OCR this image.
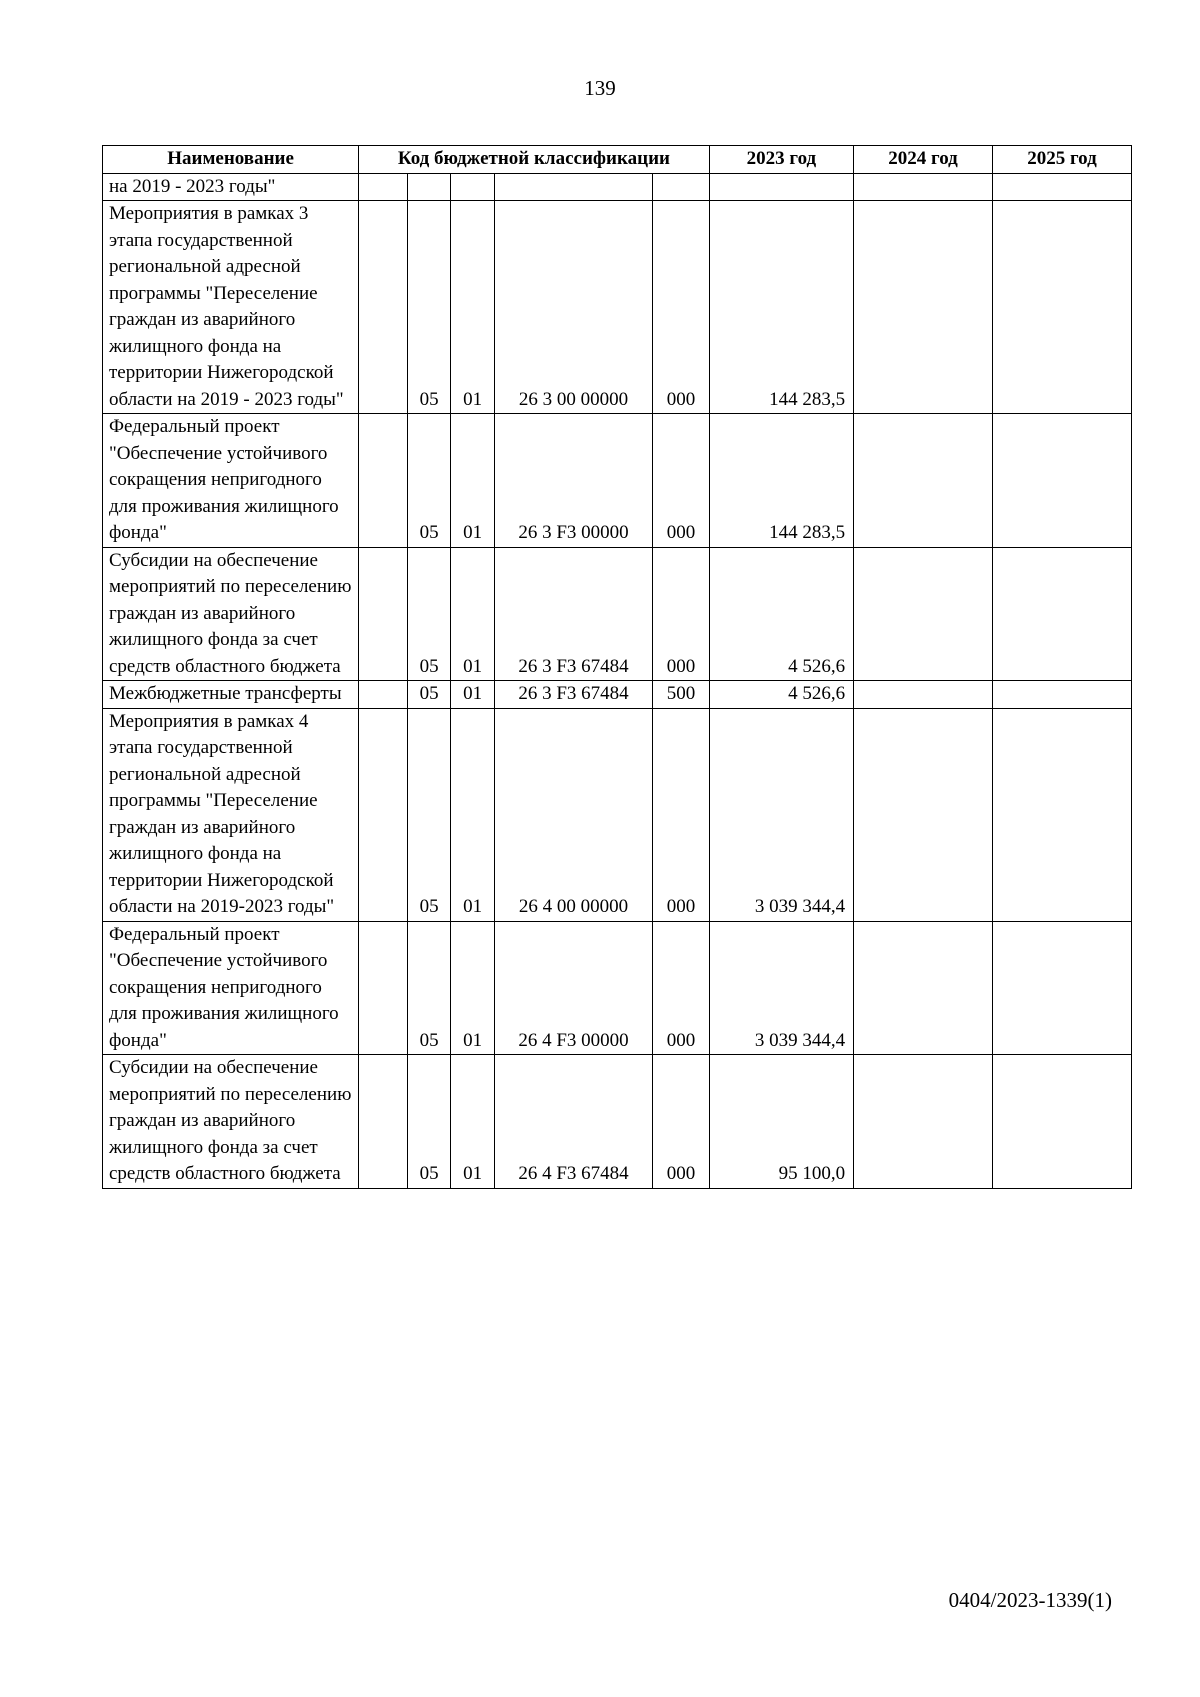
139
Наименование	Код бюджетной классификации					2023 год	2024 год	2025 год
на 2019 - 2023 годы"								
Мероприятия в рамках 3 этапа государственной региональной адресной программы "Переселение граждан из аварийного жилищного фонда на территории Нижегородской области на 2019 - 2023 годы"		05	01	26 3 00 00000	000	144 283,5		
Федеральный проект "Обеспечение устойчивого сокращения непригодного для проживания жилищного фонда"		05	01	26 3 F3 00000	000	144 283,5		
Субсидии на обеспечение мероприятий по переселению граждан из аварийного жилищного фонда за счет средств областного бюджета		05	01	26 3 F3 67484	000	4 526,6		
Межбюджетные трансферты		05	01	26 3 F3 67484	500	4 526,6		
Мероприятия в рамках 4 этапа государственной региональной адресной программы "Переселение граждан из аварийного жилищного фонда на территории Нижегородской области на 2019-2023 годы"		05	01	26 4 00 00000	000	3 039 344,4		
Федеральный проект "Обеспечение устойчивого сокращения непригодного для проживания жилищного фонда"		05	01	26 4 F3 00000	000	3 039 344,4		
Субсидии на обеспечение мероприятий по переселению граждан из аварийного жилищного фонда за счет средств областного бюджета		05	01	26 4 F3 67484	000	95 100,0		
0404/2023-1339(1)
